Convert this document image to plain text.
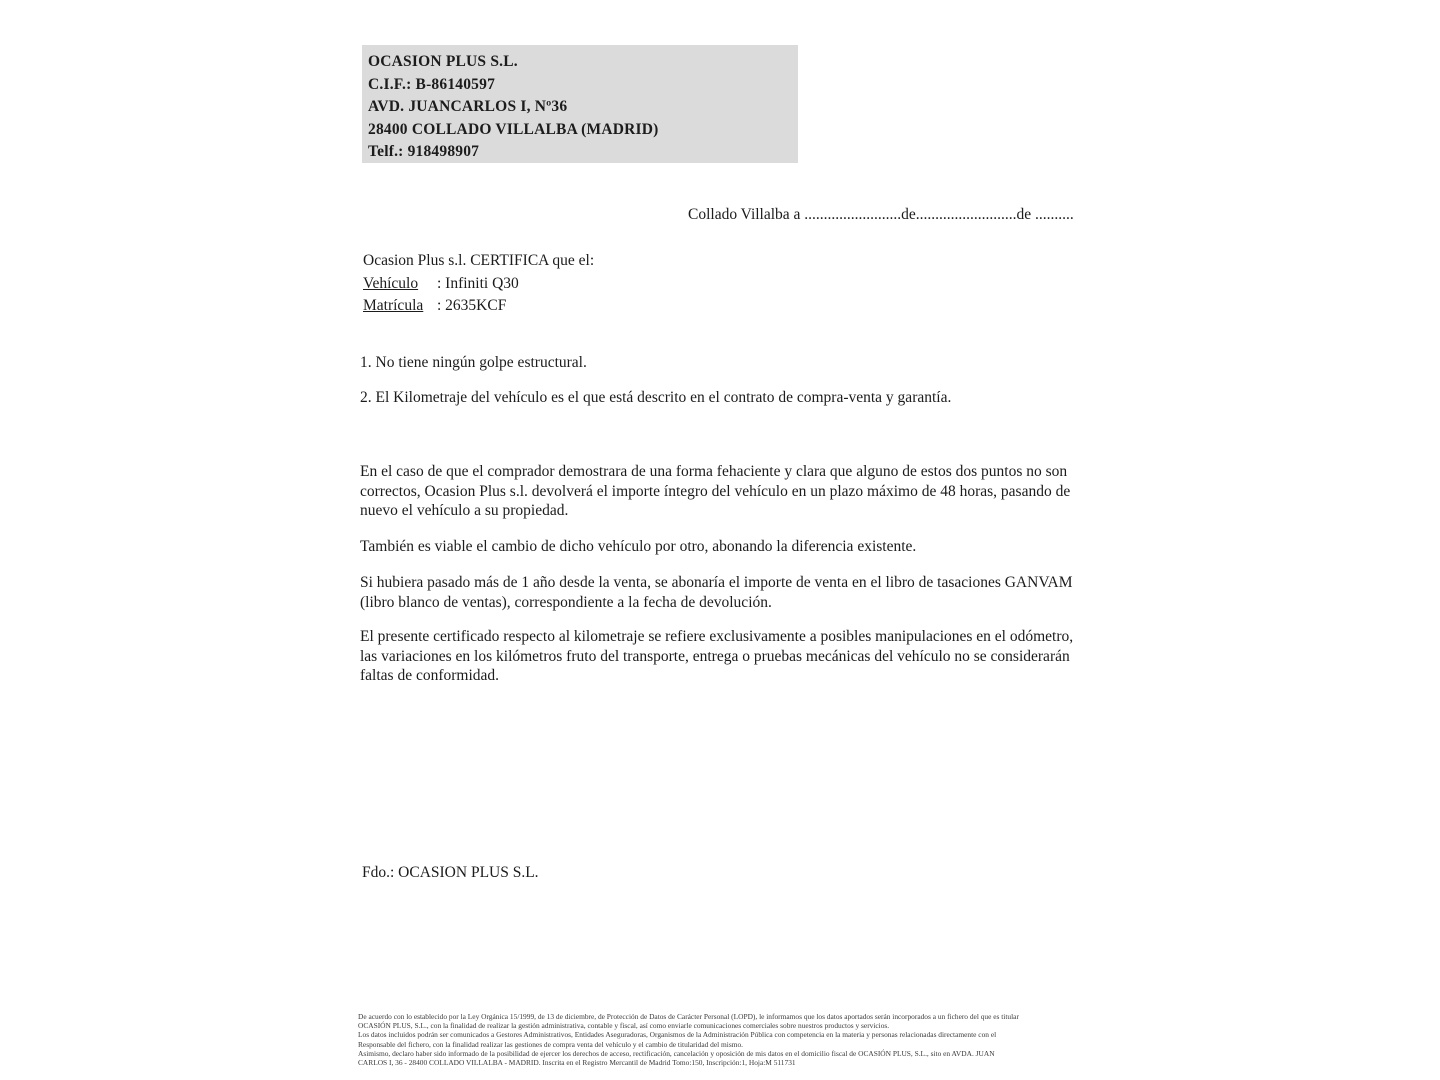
OCASION PLUS S.L.
C.I.F.: B-86140597
AVD. JUANCARLOS I, Nº36
28400 COLLADO VILLALBA (MADRID)
Telf.: 918498907
Collado Villalba a .........................de..........................de ..........
Ocasion Plus s.l. CERTIFICA que el:
Vehículo : Infiniti Q30
Matrícula : 2635KCF
1. No tiene ningún golpe estructural.
2. El Kilometraje del vehículo es el que está descrito en el contrato de compra-venta y garantía.
En el caso de que el comprador demostrara de una forma fehaciente y clara que alguno de estos dos puntos no son correctos, Ocasion Plus s.l. devolverá el importe íntegro del vehículo en un plazo máximo de 48 horas, pasando de nuevo el vehículo a su propiedad.
También es viable el cambio de dicho vehículo por otro, abonando la diferencia existente.
Si hubiera pasado más de 1 año desde la venta, se abonaría el importe de venta en el libro de tasaciones GANVAM (libro blanco de ventas), correspondiente a la fecha de devolución.
El presente certificado respecto al kilometraje se refiere exclusivamente a posibles manipulaciones en el odómetro, las variaciones en los kilómetros fruto del transporte, entrega o pruebas mecánicas del vehículo no se considerarán faltas de conformidad.
Fdo.: OCASION PLUS S.L.
De acuerdo con lo establecido por la Ley Orgánica 15/1999, de 13 de diciembre, de Protección de Datos de Carácter Personal (LOPD), le informamos que los datos aportados serán incorporados a un fichero del que es titular
OCASIÓN PLUS, S.L., con la finalidad de realizar la gestión administrativa, contable y fiscal, así como enviarle comunicaciones comerciales sobre nuestros productos y servicios.
Los datos incluidos podrán ser comunicados a Gestores Administrativos, Entidades Aseguradoras, Organismos de la Administración Pública con competencia en la materia y personas relacionadas directamente con el
Responsable del fichero, con la finalidad realizar las gestiones de compra venta del vehículo y el cambio de titularidad del mismo.
Asimismo, declaro haber sido informado de la posibilidad de ejercer los derechos de acceso, rectificación, cancelación y oposición de mis datos en el domicilio fiscal de OCASIÓN PLUS, S.L., sito en AVDA. JUAN
CARLOS I, 36 - 28400 COLLADO VILLALBA - MADRID. Inscrita en el Registro Mercantil de Madrid Tomo:150, Inscripción:1, Hoja:M 511731
